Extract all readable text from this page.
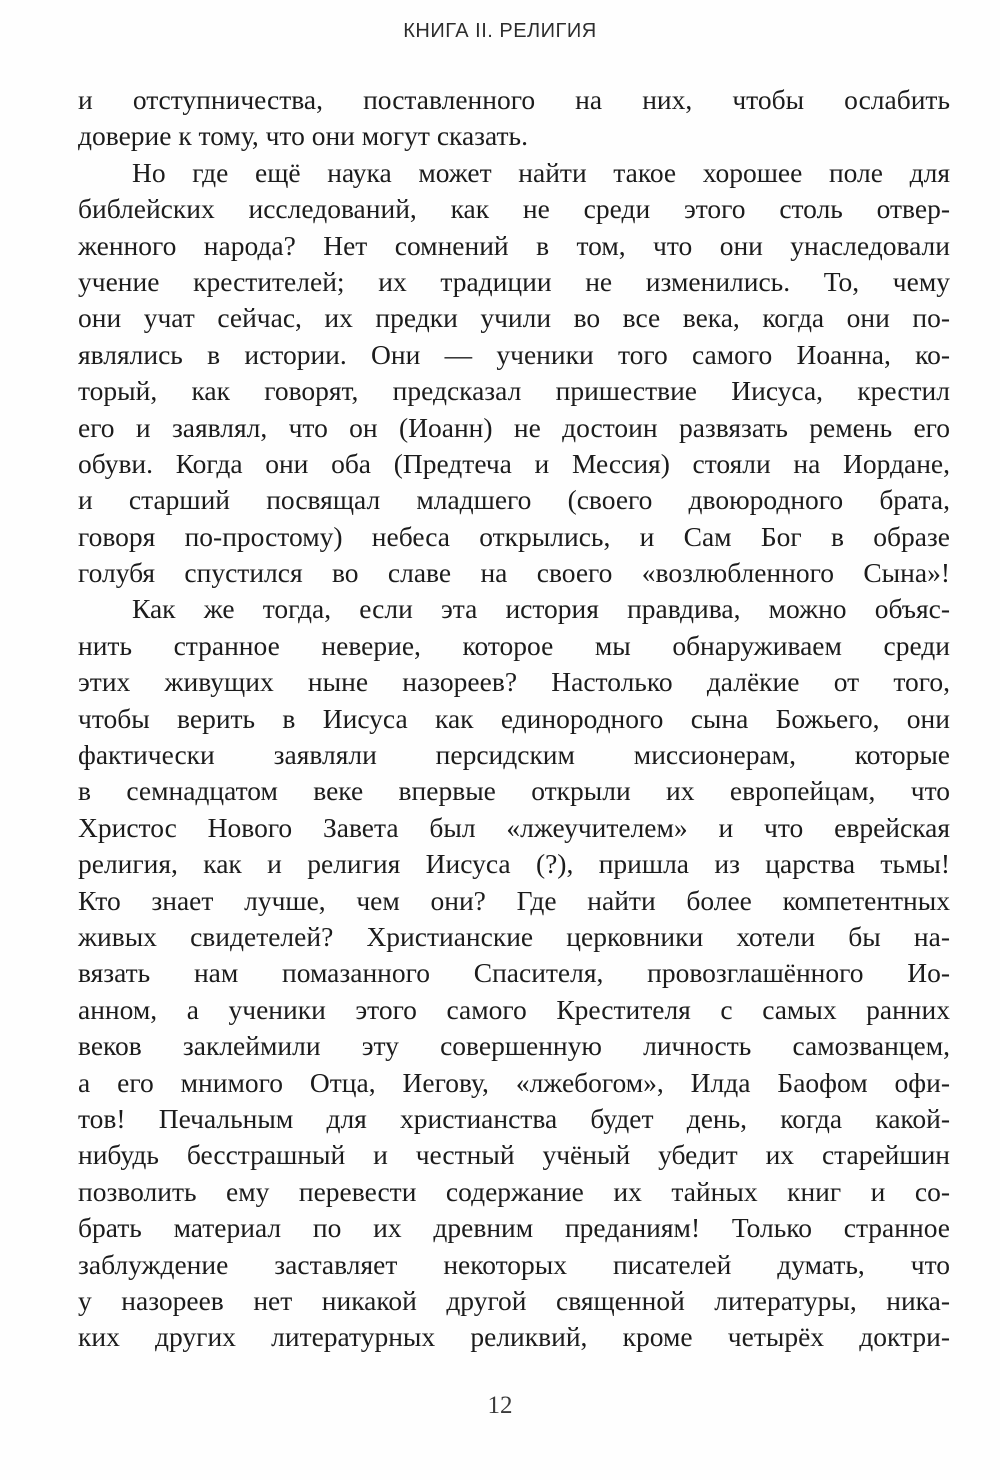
КНИГА II. РЕЛИГИЯ
и отступничества, поставленного на них, чтобы ослабить
доверие к тому, что они могут сказать.
Но где ещё наука может найти такое хорошее поле для
библейских исследований, как не среди этого столь отвер-
женного народа? Нет сомнений в том, что они унаследовали
учение крестителей; их традиции не изменились. То, чему
они учат сейчас, их предки учили во все века, когда они по-
являлись в истории. Они — ученики того самого Иоанна, ко-
торый, как говорят, предсказал пришествие Иисуса, крестил
его и заявлял, что он (Иоанн) не достоин развязать ремень его
обуви. Когда они оба (Предтеча и Мессия) стояли на Иордане,
и старший посвящал младшего (своего двоюродного брата,
говоря по-простому) небеса открылись, и Сам Бог в образе
голубя спустился во славе на своего «возлюбленного Сына»!
Как же тогда, если эта история правдива, можно объяс-
нить странное неверие, которое мы обнаруживаем среди
этих живущих ныне назореев? Настолько далёкие от того,
чтобы верить в Иисуса как единородного сына Божьего, они
фактически заявляли персидским миссионерам, которые
в семнадцатом веке впервые открыли их европейцам, что
Христос Нового Завета был «лжеучителем» и что еврейская
религия, как и религия Иисуса (?), пришла из царства тьмы!
Кто знает лучше, чем они? Где найти более компетентных
живых свидетелей? Христианские церковники хотели бы на-
вязать нам помазанного Спасителя, провозглашённого Ио-
анном, а ученики этого самого Крестителя с самых ранних
веков заклеймили эту совершенную личность самозванцем,
а его мнимого Отца, Иегову, «лжебогом», Илда Баофом офи-
тов! Печальным для христианства будет день, когда какой-
нибудь бесстрашный и честный учёный убедит их старейшин
позволить ему перевести содержание их тайных книг и со-
брать материал по их древним преданиям! Только странное
заблуждение заставляет некоторых писателей думать, что
у назореев нет никакой другой священной литературы, ника-
ких других литературных реликвий, кроме четырёх доктри-
12
